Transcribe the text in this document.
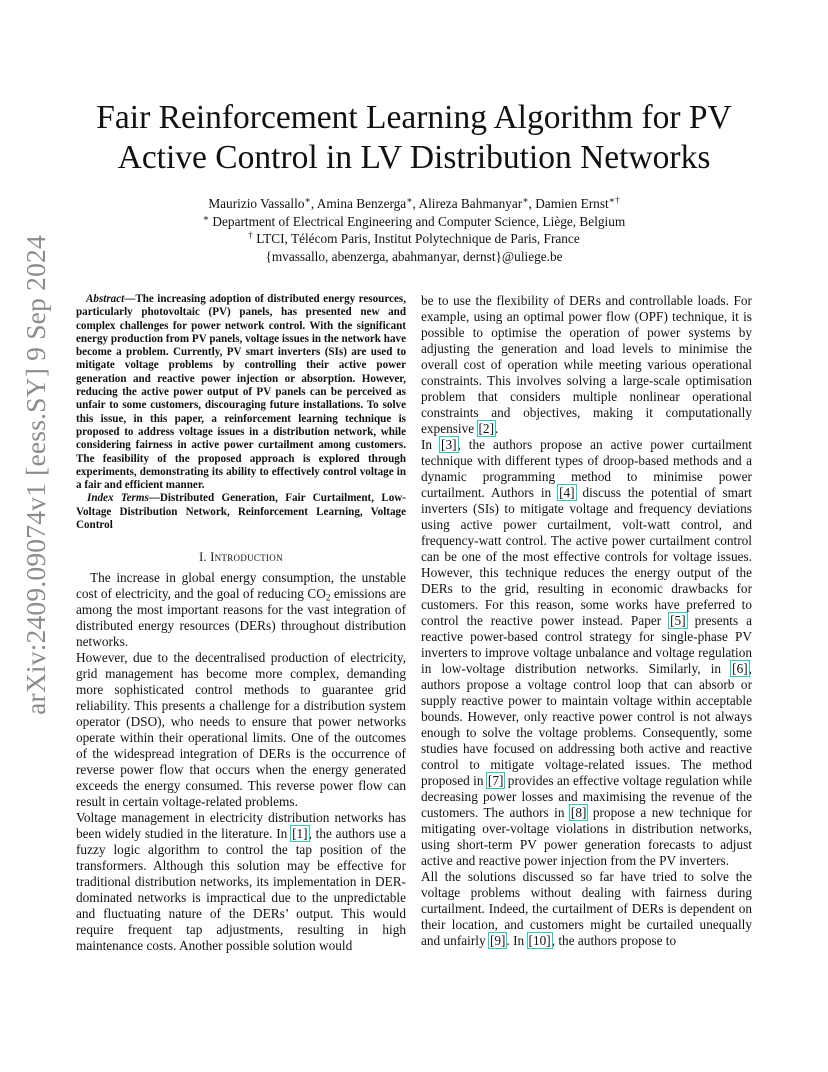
arXiv:2409.09074v1 [eess.SY] 9 Sep 2024
Fair Reinforcement Learning Algorithm for PV
Active Control in LV Distribution Networks
Maurizio Vassallo∗, Amina Benzerga∗, Alireza Bahmanyar∗, Damien Ernst∗†
∗ Department of Electrical Engineering and Computer Science, Liège, Belgium
† LTCI, Télécom Paris, Institut Polytechnique de Paris, France
{mvassallo, abenzerga, abahmanyar, dernst}@uliege.be

Abstract—The increasing adoption of distributed energy resources, particularly photovoltaic (PV) panels, has presented new and complex challenges for power network control. With the significant energy production from PV panels, voltage issues in the network have become a problem. Currently, PV smart inverters (SIs) are used to mitigate voltage problems by controlling their active power generation and reactive power injection or absorption. However, reducing the active power output of PV panels can be perceived as unfair to some customers, discouraging future installations. To solve this issue, in this paper, a reinforcement learning technique is proposed to address voltage issues in a distribution network, while considering fairness in active power curtailment among customers. The feasibility of the proposed approach is explored through experiments, demonstrating its ability to effectively control voltage in a fair and efficient manner.

Index Terms—Distributed Generation, Fair Curtailment, Low-Voltage Distribution Network, Reinforcement Learning, Voltage Control

I. Introduction

The increase in global energy consumption, the unstable cost of electricity, and the goal of reducing $CO_2$ emissions are among the most important reasons for the vast integration of distributed energy resources (DERs) throughout distribution networks.

However, due to the decentralised production of electricity, grid management has become more complex, demanding more sophisticated control methods to guarantee grid reliability. This presents a challenge for a distribution system operator (DSO), who needs to ensure that power networks operate within their operational limits. One of the outcomes of the widespread integration of DERs is the occurrence of reverse power flow that occurs when the energy generated exceeds the energy consumed. This reverse power flow can result in certain voltage-related problems.

Voltage management in electricity distribution networks has been widely studied in the literature. In [1], the authors use a fuzzy logic algorithm to control the tap position of the transformers. Although this solution may be effective for traditional distribution networks, its implementation in DER-dominated networks is impractical due to the unpredictable and fluctuating nature of the DERs’ output. This would require frequent tap adjustments, resulting in high maintenance costs. Another possible solution would

be to use the flexibility of DERs and controllable loads. For example, using an optimal power flow (OPF) technique, it is possible to optimise the operation of power systems by adjusting the generation and load levels to minimise the overall cost of operation while meeting various operational constraints. This involves solving a large-scale optimisation problem that considers multiple nonlinear operational constraints and objectives, making it computationally expensive [2].

In [3], the authors propose an active power curtailment technique with different types of droop-based methods and a dynamic programming method to minimise power curtailment. Authors in [4] discuss the potential of smart inverters (SIs) to mitigate voltage and frequency deviations using active power curtailment, volt-watt control, and frequency-watt control. The active power curtailment control can be one of the most effective controls for voltage issues. However, this technique reduces the energy output of the DERs to the grid, resulting in economic drawbacks for customers. For this reason, some works have preferred to control the reactive power instead. Paper [5] presents a reactive power-based control strategy for single-phase PV inverters to improve voltage unbalance and voltage regulation in low-voltage distribution networks. Similarly, in [6], authors propose a voltage control loop that can absorb or supply reactive power to maintain voltage within acceptable bounds. However, only reactive power control is not always enough to solve the voltage problems. Consequently, some studies have focused on addressing both active and reactive control to mitigate voltage-related issues. The method proposed in [7] provides an effective voltage regulation while decreasing power losses and maximising the revenue of the customers. The authors in [8] propose a new technique for mitigating over-voltage violations in distribution networks, using short-term PV power generation forecasts to adjust active and reactive power injection from the PV inverters.

All the solutions discussed so far have tried to solve the voltage problems without dealing with fairness during curtailment. Indeed, the curtailment of DERs is dependent on their location, and customers might be curtailed unequally and unfairly [9]. In [10], the authors propose to
